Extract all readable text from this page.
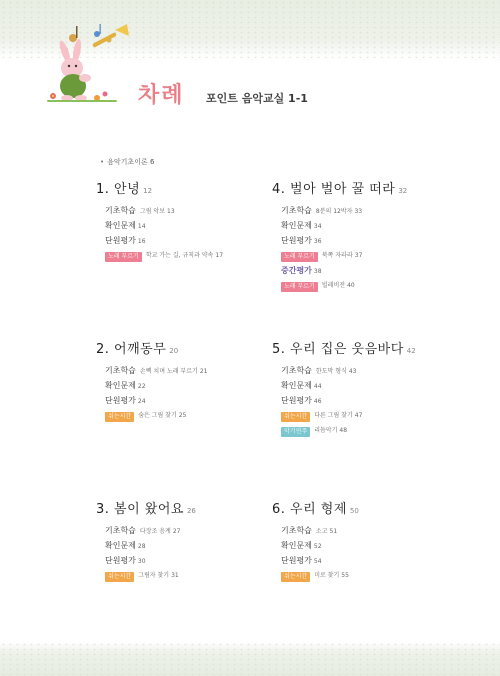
차례 포인트 음악교실 1-1
• 음악기초이론 6
1. 안녕 12
기초학습 그림 악보 13
확인문제 14
단원평가 16
노래 부르기	학교 가는 길, 규칙과 약속 17
4. 벌아 벌아 꿀 떠라 32
기초학습 8분의 12박자 33
확인문제 34
단원평가 36
노래 부르기	북쪽 자라라 37
중간평가 38
노래 부르기	빌레비전 40
2. 어깨동무 20
기초학습 손뼉 치며 노래 부르기 21
확인문제 22
단원평가 24
쉬는시간	숨은 그림 찾기 25
5. 우리 집은 웃음바다 42
기초학습 한도막 형식 43
확인문제 44
단원평가 46
쉬는시간	다른 그림 찾기 47
악기연주	리듬악기 48
3. 봄이 왔어요 26
기초학습 다장조 음계 27
확인문제 28
단원평가 30
쉬는시간	그림자 찾기 31
6. 우리 형제 50
기초학습 소고 51
확인문제 52
단원평가 54
쉬는시간	미로 찾기 55
